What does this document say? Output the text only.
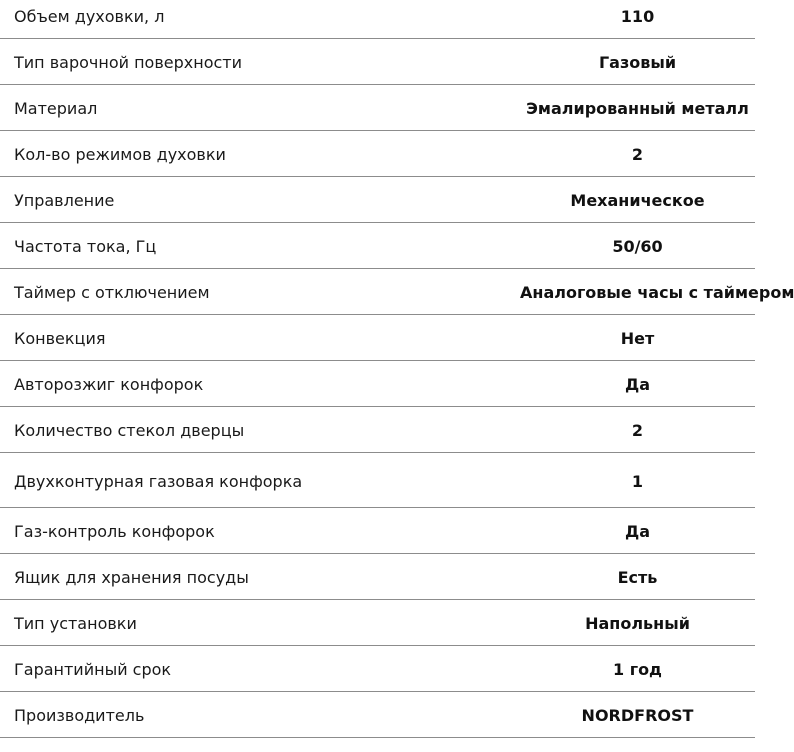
Объем духовки, л	110
Тип варочной поверхности	Газовый
Материал	Эмалированный металл
Кол-во режимов духовки	2
Управление	Механическое
Частота тока, Гц	50/60
Таймер с отключением	Аналоговые часы с таймером
Конвекция	Нет
Авторозжиг конфорок	Да
Количество стекол дверцы	2
Двухконтурная газовая конфорка	1
Газ-контроль конфорок	Да
Ящик для хранения посуды	Есть
Тип установки	Напольный
Гарантийный срок	1 год
Производитель	NORDFROST
